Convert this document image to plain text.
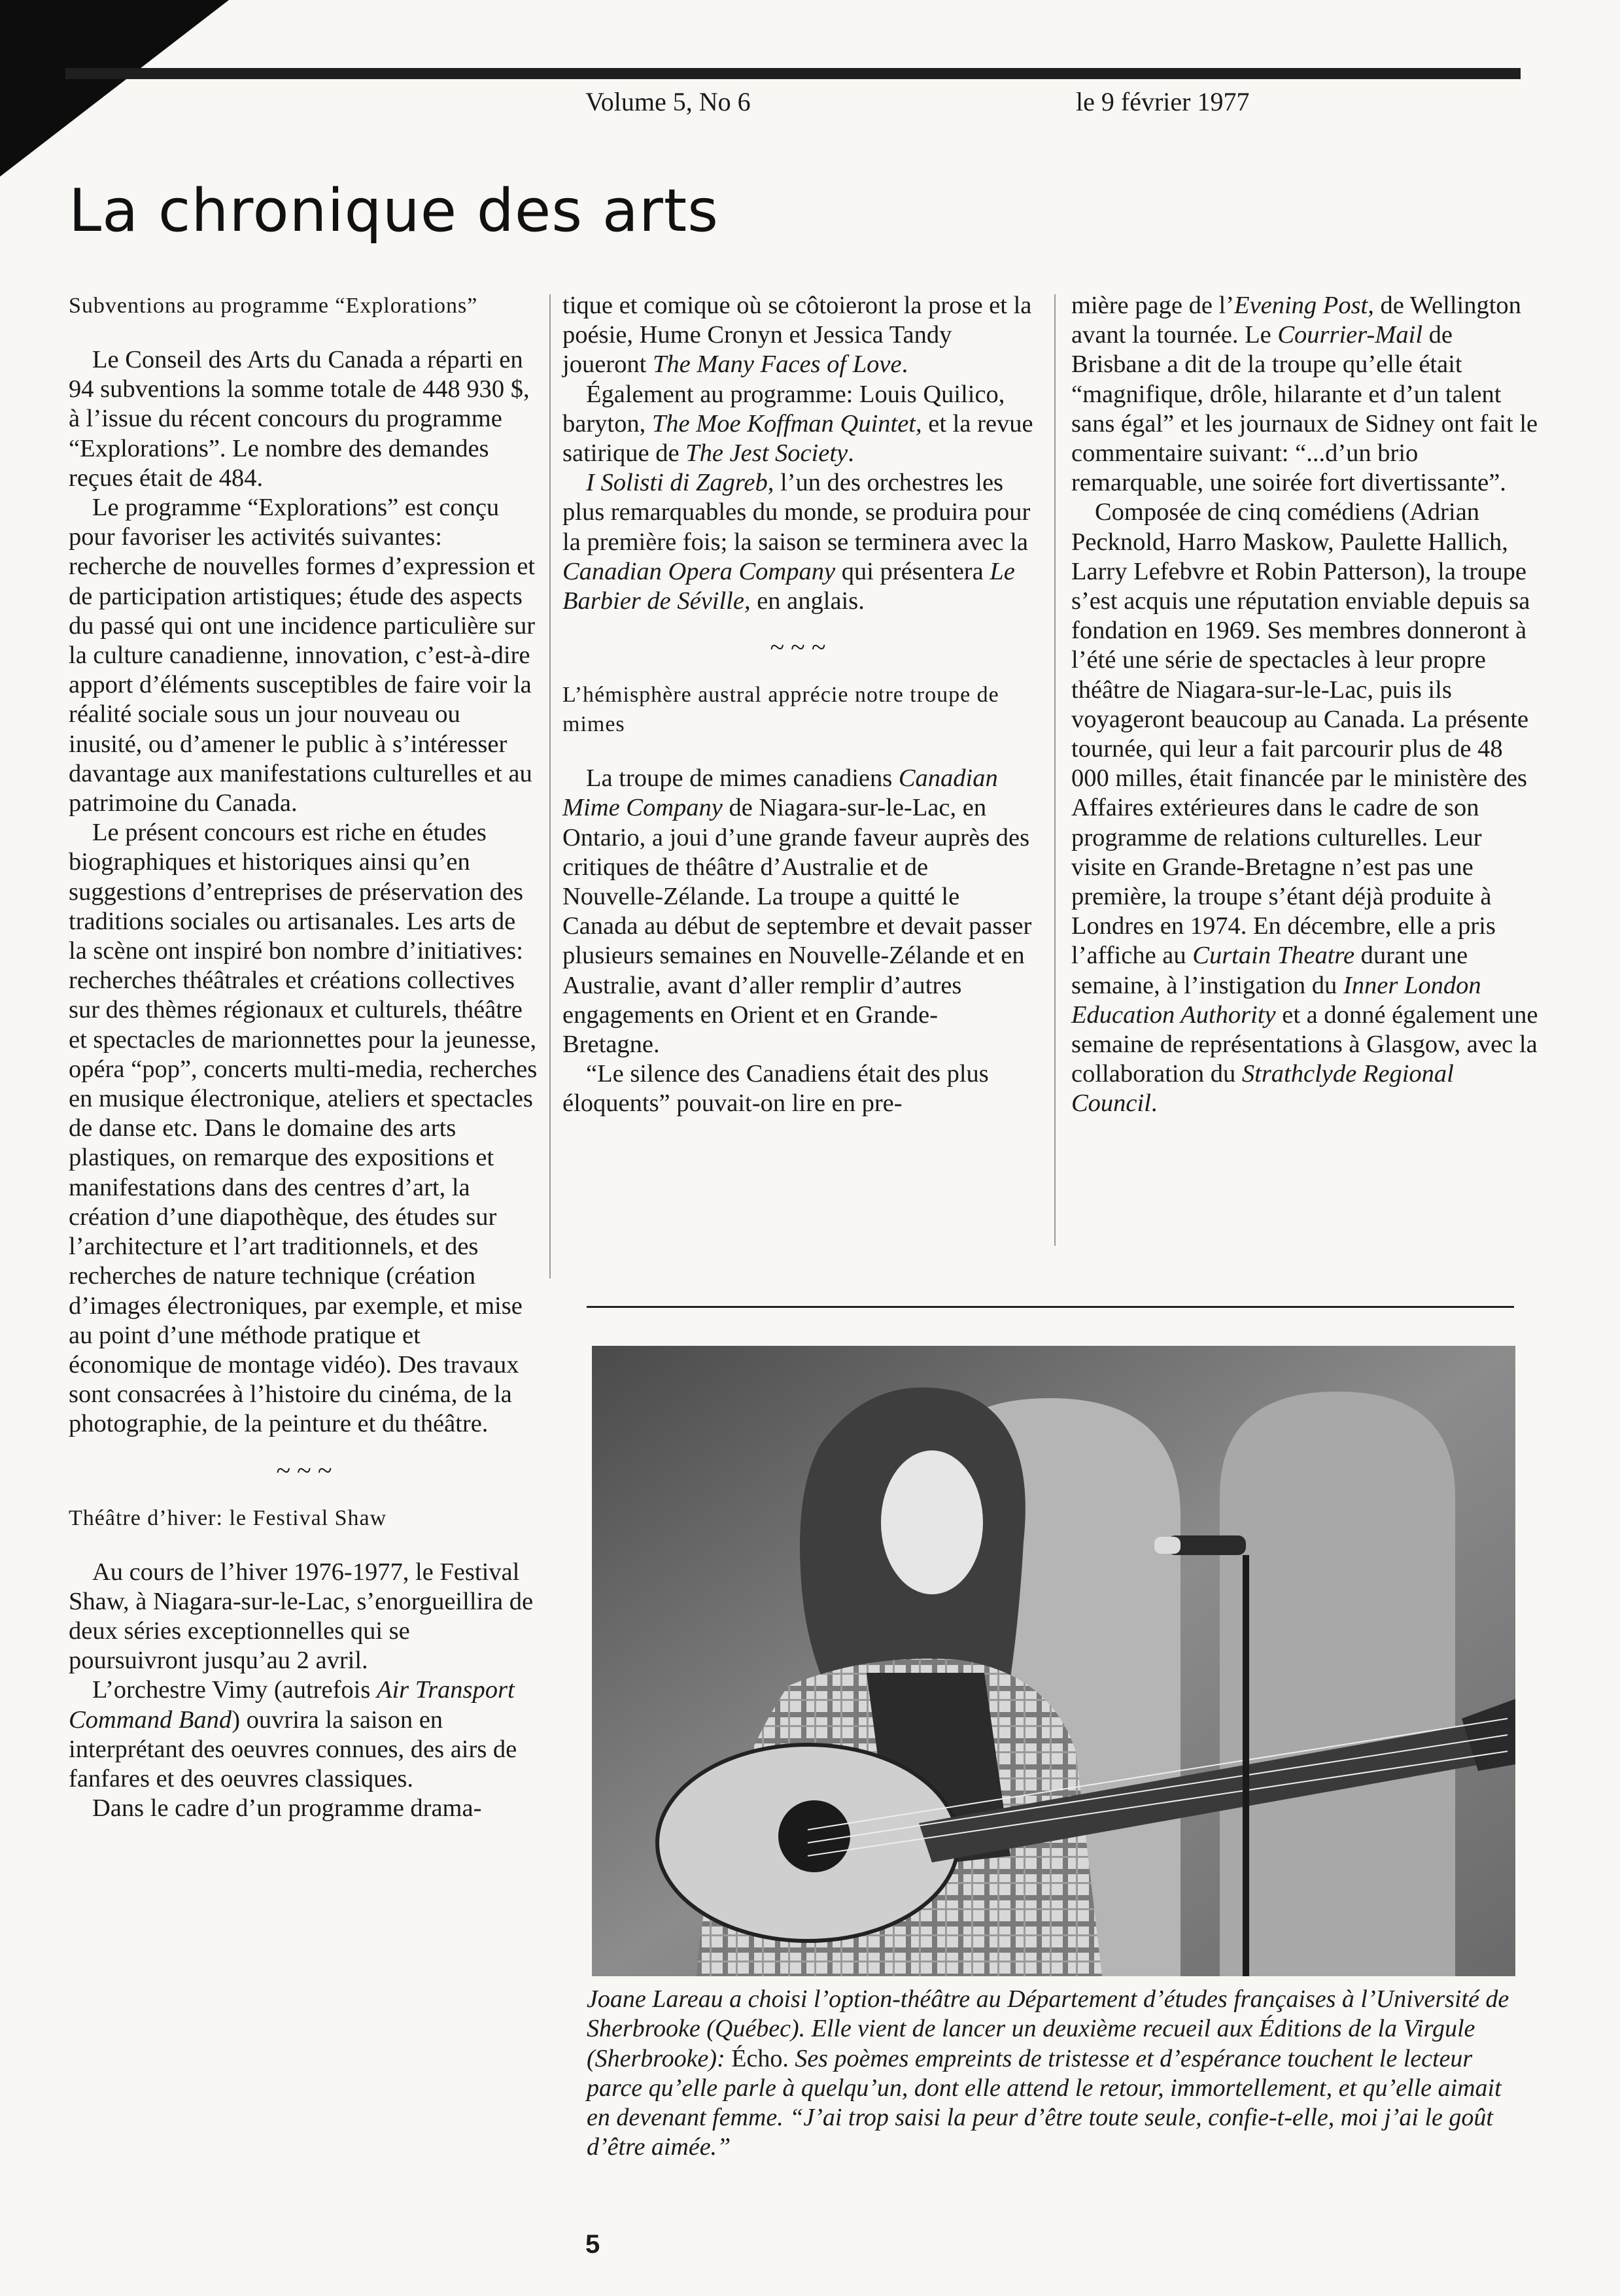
Volume 5, No 6	le 9 février 1977
La chronique des arts
Subventions au programme “Explorations”

Le Conseil des Arts du Canada a réparti en 94 subventions la somme totale de 448 930 $, à l’issue du récent concours du programme “Explorations”. Le nombre des demandes reçues était de 484.

Le programme “Explorations” est conçu pour favoriser les activités suivantes: recherche de nouvelles formes d’expression et de participation artistiques; étude des aspects du passé qui ont une incidence particulière sur la culture canadienne, innovation, c’est-à-dire apport d’éléments susceptibles de faire voir la réalité sociale sous un jour nouveau ou inusité, ou d’amener le public à s’intéresser davantage aux manifestations culturelles et au patrimoine du Canada.

Le présent concours est riche en études biographiques et historiques ainsi qu’en suggestions d’entreprises de préservation des traditions sociales ou artisanales. Les arts de la scène ont inspiré bon nombre d’initiatives: recherches théâtrales et créations collectives sur des thèmes régionaux et culturels, théâtre et spectacles de marionnettes pour la jeunesse, opéra “pop”, concerts multi-media, recherches en musique électronique, ateliers et spectacles de danse etc. Dans le domaine des arts plastiques, on remarque des expositions et manifestations dans des centres d’art, la création d’une diapothèque, des études sur l’architecture et l’art traditionnels, et des recherches de nature technique (création d’images électroniques, par exemple, et mise au point d’une méthode pratique et économique de montage vidéo). Des travaux sont consacrées à l’histoire du cinéma, de la photographie, de la peinture et du théâtre.

~ ~ ~
Théâtre d’hiver: le Festival Shaw

Au cours de l’hiver 1976-1977, le Festival Shaw, à Niagara-sur-le-Lac, s’enorgueillira de deux séries exceptionnelles qui se poursuivront jusqu’au 2 avril.

L’orchestre Vimy (autrefois Air Transport Command Band) ouvrira la saison en interprétant des oeuvres connues, des airs de fanfares et des oeuvres classiques.

Dans le cadre d’un programme drama-

tique et comique où se côtoieront la prose et la poésie, Hume Cronyn et Jessica Tandy joueront The Many Faces of Love.

Également au programme: Louis Quilico, baryton, The Moe Koffman Quintet, et la revue satirique de The Jest Society.

I Solisti di Zagreb, l’un des orchestres les plus remarquables du monde, se produira pour la première fois; la saison se terminera avec la Canadian Opera Company qui présentera Le Barbier de Séville, en anglais.

~ ~ ~
L’hémisphère austral apprécie notre troupe de mimes

La troupe de mimes canadiens Canadian Mime Company de Niagara-sur-le-Lac, en Ontario, a joui d’une grande faveur auprès des critiques de théâtre d’Australie et de Nouvelle-Zélande. La troupe a quitté le Canada au début de septembre et devait passer plusieurs semaines en Nouvelle-Zélande et en Australie, avant d’aller remplir d’autres engagements en Orient et en Grande-Bretagne.

“Le silence des Canadiens était des plus éloquents” pouvait-on lire en pre-

mière page de l’Evening Post, de Wellington avant la tournée. Le Courrier-Mail de Brisbane a dit de la troupe qu’elle était “magnifique, drôle, hilarante et d’un talent sans égal” et les journaux de Sidney ont fait le commentaire suivant: “...d’un brio remarquable, une soirée fort divertissante”.

Composée de cinq comédiens (Adrian Pecknold, Harro Maskow, Paulette Hallich, Larry Lefebvre et Robin Patterson), la troupe s’est acquis une réputation enviable depuis sa fondation en 1969. Ses membres donneront à l’été une série de spectacles à leur propre théâtre de Niagara-sur-le-Lac, puis ils voyageront beaucoup au Canada. La présente tournée, qui leur a fait parcourir plus de 48 000 milles, était financée par le ministère des Affaires extérieures dans le cadre de son programme de relations culturelles. Leur visite en Grande-Bretagne n’est pas une première, la troupe s’étant déjà produite à Londres en 1974. En décembre, elle a pris l’affiche au Curtain Theatre durant une semaine, à l’instigation du Inner London Education Authority et a donné également une semaine de représentations à Glasgow, avec la collaboration du Strathclyde Regional Council.

Joane Lareau a choisi l’option-théâtre au Département d’études françaises à l’Université de Sherbrooke (Québec). Elle vient de lancer un deuxième recueil aux Éditions de la Virgule (Sherbrooke): Écho. Ses poèmes empreints de tristesse et d’espérance touchent le lecteur parce qu’elle parle à quelqu’un, dont elle attend le retour, immortellement, et qu’elle aimait en devenant femme. “J’ai trop saisi la peur d’être toute seule, confie-t-elle, moi j’ai le goût d’être aimée.”
5
